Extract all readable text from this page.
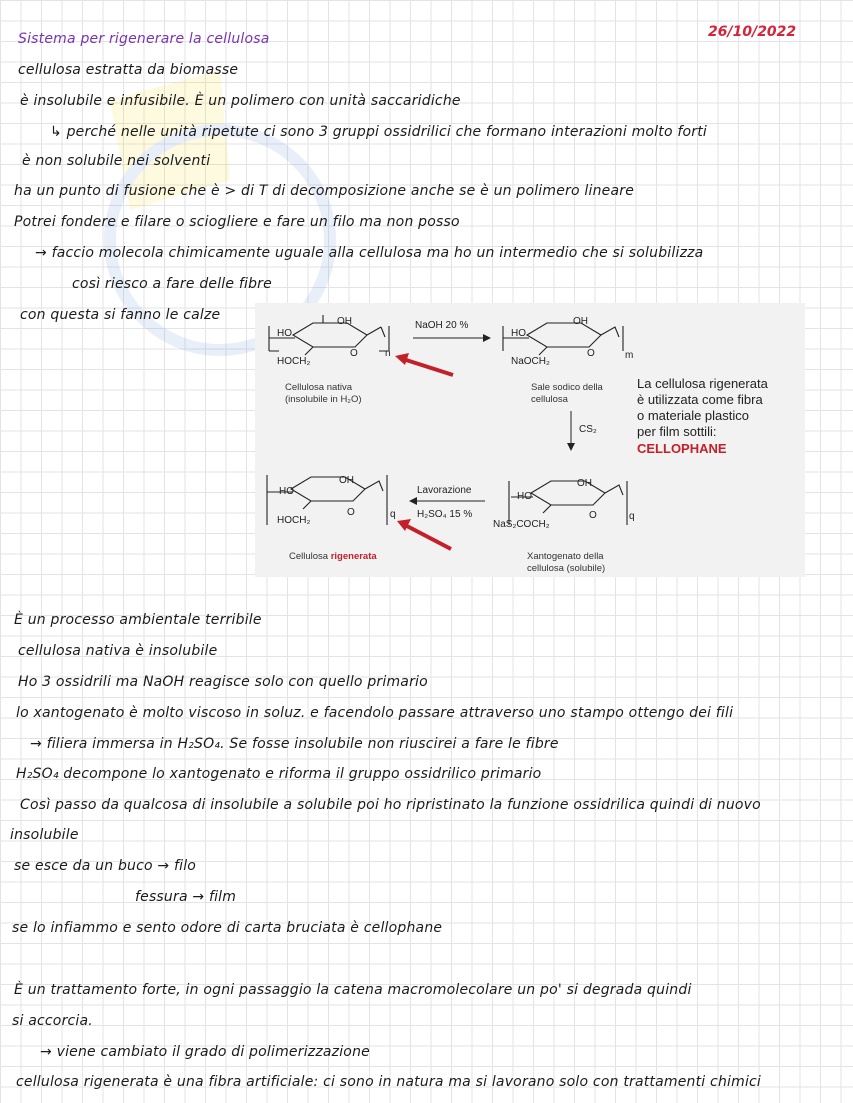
Sistema per rigenerare la cellulosa	26/10/2022
cellulosa estratta da biomasse
è insolubile e infusibile. È un polimero con unità saccaridiche
↳ perché nelle unità ripetute ci sono 3 gruppi ossidrilici che formano interazioni molto forti
è non solubile nei solventi
ha un punto di fusione che è > di T di decomposizione anche se è un polimero lineare
Potrei fondere e filare o sciogliere e fare un filo ma non posso
→ faccio molecola chimicamente uguale alla cellulosa ma ho un intermedio che si solubilizza
così riesco a fare delle fibre
con questa si fanno le calze
HO
OH
O
HOCH₂
n
NaOH 20 %
HO
OH
O
NaOCH₂
m
Cellulosa nativa
(insolubile in H₂O)
Sale sodico della
cellulosa
La cellulosa rigenerata
è utilizzata come fibra
o materiale plastico
per film sottili:
CELLOPHANE
CS₂
HO
OH
O
HOCH₂
q
Lavorazione
H₂SO₄ 15 %
HO
OH
O
NaS₂COCH₂
q
Cellulosa rigenerata	Xantogenato della
cellulosa (solubile)
È un processo ambientale terribile
cellulosa nativa è insolubile
Ho 3 ossidrili ma NaOH reagisce solo con quello primario
lo xantogenato è molto viscoso in soluz. e facendolo passare attraverso uno stampo ottengo dei fili
→ filiera immersa in H₂SO₄. Se fosse insolubile non riuscirei a fare le fibre
H₂SO₄ decompone lo xantogenato e riforma il gruppo ossidrilico primario
Così passo da qualcosa di insolubile a solubile poi ho ripristinato la funzione ossidrilica quindi di nuovo
insolubile
se esce da un buco → filo
fessura → film
se lo infiammo e sento odore di carta bruciata è cellophane
È un trattamento forte, in ogni passaggio la catena macromolecolare un po' si degrada quindi
si accorcia.
→ viene cambiato il grado di polimerizzazione
cellulosa rigenerata è una fibra artificiale: ci sono in natura ma si lavorano solo con trattamenti chimici
